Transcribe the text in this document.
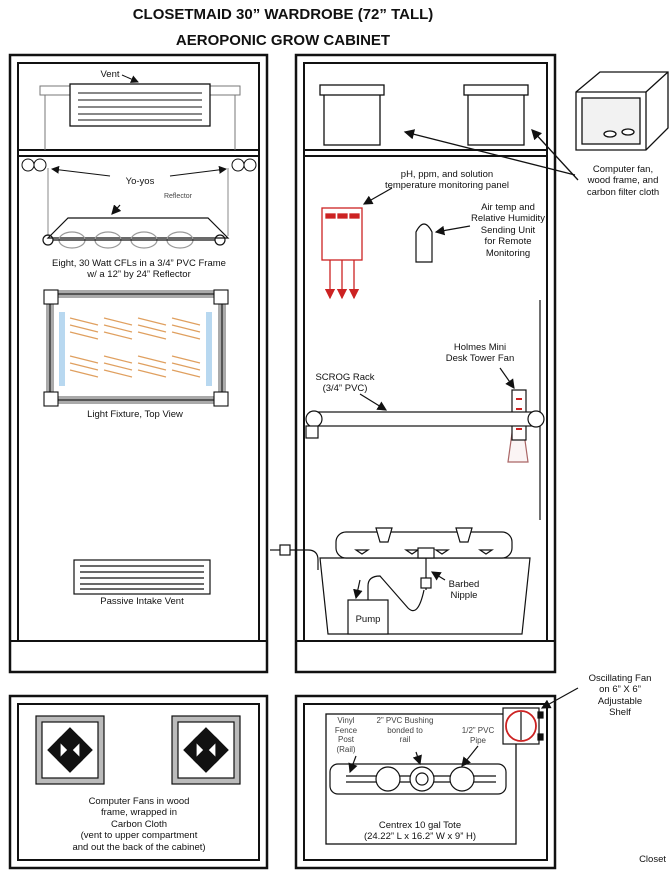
CLOSETMAID 30” WARDROBE (72” TALL)
AEROPONIC GROW CABINET
Vent
Yo-yos
Reflector
Eight, 30 Watt CFLs in a 3/4” PVC Frame
w/ a 12” by 24” Reflector
Light Fixture, Top View
Passive Intake Vent
Computer fan,
wood frame, and
carbon filter cloth
pH, ppm, and solution
temperature monitoring panel
Air temp and
Relative Humidity
Sending Unit
for Remote
Monitoring
Holmes Mini
Desk Tower Fan
SCROG Rack
(3/4” PVC)
Barbed
Nipple
Pump
Oscillating Fan
on 6” X 6”
Adjustable
Shelf
Computer Fans in wood
frame, wrapped in
Carbon Cloth
(vent to upper compartment
and out the back of the cabinet)
Vinyl
Fence
Post
(Rail)
2” PVC Bushing
bonded to
rail
1/2” PVC
Pipe
Centrex 10 gal Tote
(24.22” L x 16.2” W x 9” H)
Closet
